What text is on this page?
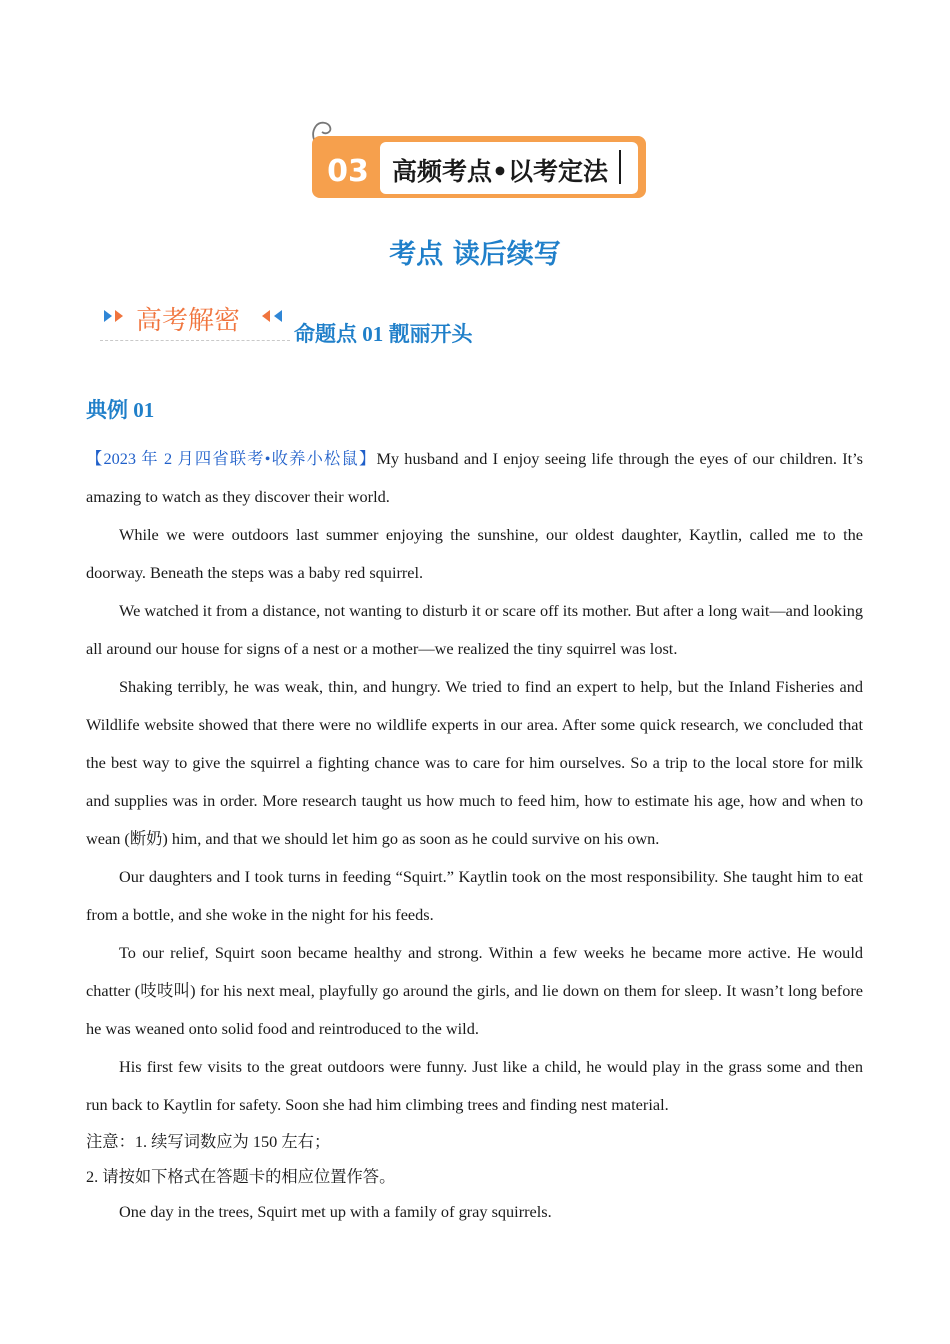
03 高频考点•以考定法
考点 读后续写
高考解密	命题点 01 靓丽开头
典例 01

【2023 年 2 月四省联考•收养小松鼠】My husband and I enjoy seeing life through the eyes of our children. It’s amazing to watch as they discover their world.

While we were outdoors last summer enjoying the sunshine, our oldest daughter, Kaytlin, called me to the doorway. Beneath the steps was a baby red squirrel.

We watched it from a distance, not wanting to disturb it or scare off its mother. But after a long wait—and looking all around our house for signs of a nest or a mother—we realized the tiny squirrel was lost.

Shaking terribly, he was weak, thin, and hungry. We tried to find an expert to help, but the Inland Fisheries and Wildlife website showed that there were no wildlife experts in our area. After some quick research, we concluded that the best way to give the squirrel a fighting chance was to care for him ourselves. So a trip to the local store for milk and supplies was in order. More research taught us how much to feed him, how to estimate his age, how and when to wean (断奶) him, and that we should let him go as soon as he could survive on his own.

Our daughters and I took turns in feeding “Squirt.” Kaytlin took on the most responsibility. She taught him to eat from a bottle, and she woke in the night for his feeds.

To our relief, Squirt soon became healthy and strong. Within a few weeks he became more active. He would chatter (吱吱叫) for his next meal, playfully go around the girls, and lie down on them for sleep. It wasn’t long before he was weaned onto solid food and reintroduced to the wild.

His first few visits to the great outdoors were funny. Just like a child, he would play in the grass some and then run back to Kaytlin for safety. Soon she had him climbing trees and finding nest material.

注意：1. 续写词数应为 150 左右；

2. 请按如下格式在答题卡的相应位置作答。

One day in the trees, Squirt met up with a family of gray squirrels.
